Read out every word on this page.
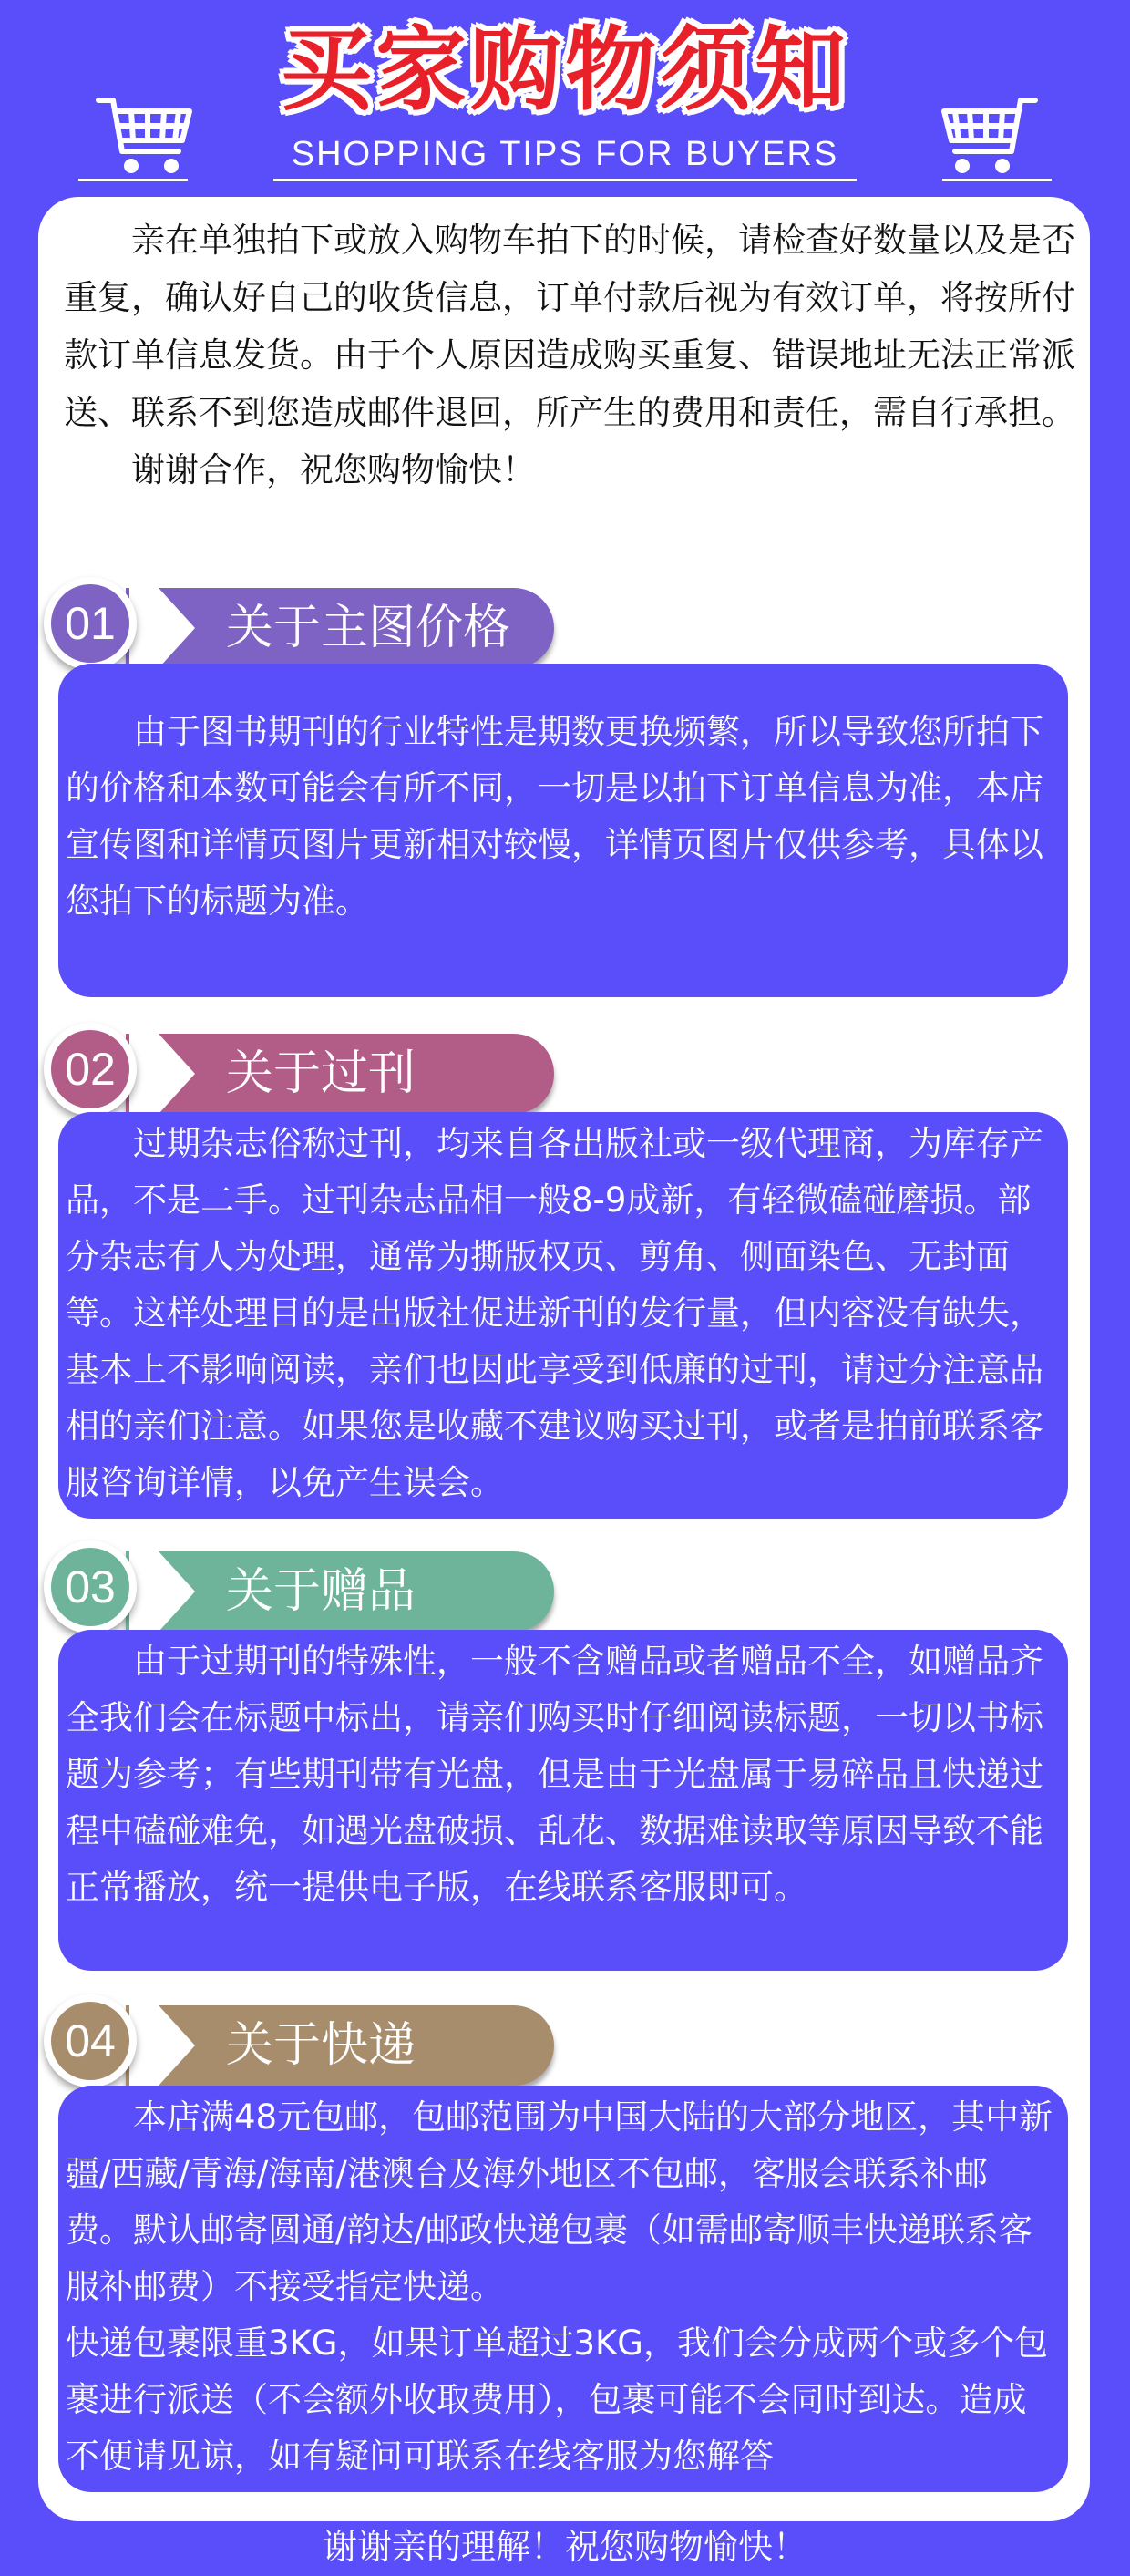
买家购物须知
SHOPPING TIPS FOR BUYERS

亲在单独拍下或放入购物车拍下的时候，请检查好数量以及是否重复，确认好自己的收货信息，订单付款后视为有效订单，将按所付款订单信息发货。由于个人原因造成购买重复、错误地址无法正常派送、联系不到您造成邮件退回，所产生的费用和责任，需自行承担。

谢谢合作，祝您购物愉快！

01	关于主图价格

由于图书期刊的行业特性是期数更换频繁，所以导致您所拍下的价格和本数可能会有所不同，一切是以拍下订单信息为准，本店宣传图和详情页图片更新相对较慢，详情页图片仅供参考，具体以您拍下的标题为准。

02	关于过刊

过期杂志俗称过刊，均来自各出版社或一级代理商，为库存产品，不是二手。过刊杂志品相一般8-9成新，有轻微磕碰磨损。部分杂志有人为处理，通常为撕版权页、剪角、侧面染色、无封面等。这样处理目的是出版社促进新刊的发行量，但内容没有缺失，基本上不影响阅读，亲们也因此享受到低廉的过刊，请过分注意品相的亲们注意。如果您是收藏不建议购买过刊，或者是拍前联系客服咨询详情，以免产生误会。

03	关于赠品

由于过期刊的特殊性，一般不含赠品或者赠品不全，如赠品齐全我们会在标题中标出，请亲们购买时仔细阅读标题，一切以书标题为参考；有些期刊带有光盘，但是由于光盘属于易碎品且快递过程中磕碰难免，如遇光盘破损、乱花、数据难读取等原因导致不能正常播放，统一提供电子版，在线联系客服即可。

04	关于快递

本店满48元包邮，包邮范围为中国大陆的大部分地区，其中新疆/西藏/青海/海南/港澳台及海外地区不包邮，客服会联系补邮费。默认邮寄圆通/韵达/邮政快递包裹（如需邮寄顺丰快递联系客服补邮费）不接受指定快递。

快递包裹限重3KG，如果订单超过3KG，我们会分成两个或多个包裹进行派送（不会额外收取费用），包裹可能不会同时到达。造成不便请见谅，如有疑问可联系在线客服为您解答

谢谢亲的理解！祝您购物愉快！
